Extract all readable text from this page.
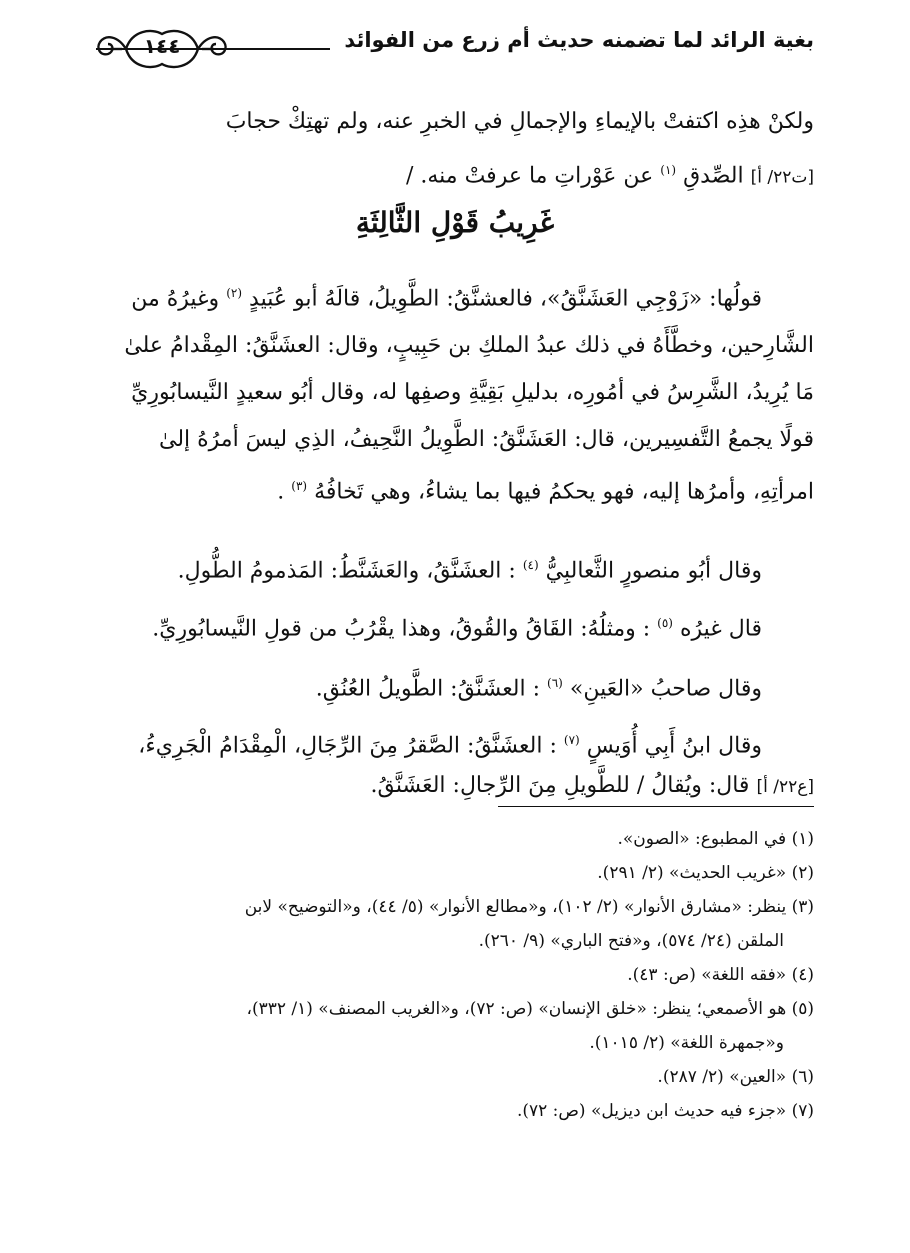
بغية الرائد لما تضمنه حديث أم زرع من الفوائد
١٤٤

ولكنْ هذِه اكتفتْ بالإيماءِ والإجمالِ في الخبرِ عنه، ولم تهتِكْ حجابَ
[ت٢٢/ أ] الصِّدقِ $^{(١)}$ عن عَوْراتِ ما عرفتْ منه. /

غَرِيبُ قَوْلِ الثَّالِثَةِ

قولُها: «زَوْجِي العَشَنَّقُ»، فالعشنَّقُ: الطَّوِيلُ، قالَهُ أبو عُبَيدٍ $^{(٢)}$ وغيرُهُ من
الشَّارِحين، وخطَّأَهُ في ذلك عبدُ الملكِ بن حَبِيبٍ، وقال: العشَنَّقُ: المِقْدامُ علىٰ
مَا يُرِيدُ، الشَّرِسُ في أمُورِه، بدليلِ بَقِيَّةِ وصفِها له، وقال أبُو سعيدٍ النَّيسابُورِيِّ
قولًا يجمعُ التَّفسِيرين، قال: العَشَنَّقُ: الطَّوِيلُ النَّحِيفُ، الذِي ليسَ أمرُهُ إلىٰ
امرأتِهِ، وأمرُها إليه، فهو يحكمُ فيها بما يشاءُ، وهي تَخافُهُ $^{(٣)}$ .

وقال أبُو منصورٍ الثَّعالبِيُّ $^{(٤)}$ : العشَنَّقُ، والعَشَنَّطُ: المَذمومُ الطُّولِ.

قال غيرُه $^{(٥)}$ : ومثلُهُ: القَاقُ والقُوقُ، وهذا يقْرُبُ من قولِ النَّيسابُورِيِّ.

وقال صاحبُ «العَينِ» $^{(٦)}$ : العشَنَّقُ: الطَّويلُ العُنُقِ.

وقال ابنُ أَبِي أُوَيسٍ $^{(٧)}$ : العشَنَّقُ: الصَّقرُ مِنَ الرِّجَالِ، الْمِقْدَامُ الْجَرِيءُ،
[ع٢٢/ أ] قال: ويُقالُ / للطَّويلِ مِنَ الرِّجالِ: العَشَنَّقُ.

(١) في المطبوع: «الصون».
(٢) «غريب الحديث» (٢/ ٢٩١).
(٣) ينظر: «مشارق الأنوار» (٢/ ١٠٢)، و«مطالع الأنوار» (٥/ ٤٤)، و«التوضيح» لابن
الملقن (٢٤/ ٥٧٤)، و«فتح الباري» (٩/ ٢٦٠).
(٤) «فقه اللغة» (ص: ٤٣).
(٥) هو الأصمعي؛ ينظر: «خلق الإنسان» (ص: ٧٢)، و«الغريب المصنف» (١/ ٣٣٢)،
و«جمهرة اللغة» (٢/ ١٠١٥).
(٦) «العين» (٢/ ٢٨٧).
(٧) «جزء فيه حديث ابن ديزيل» (ص: ٧٢).
